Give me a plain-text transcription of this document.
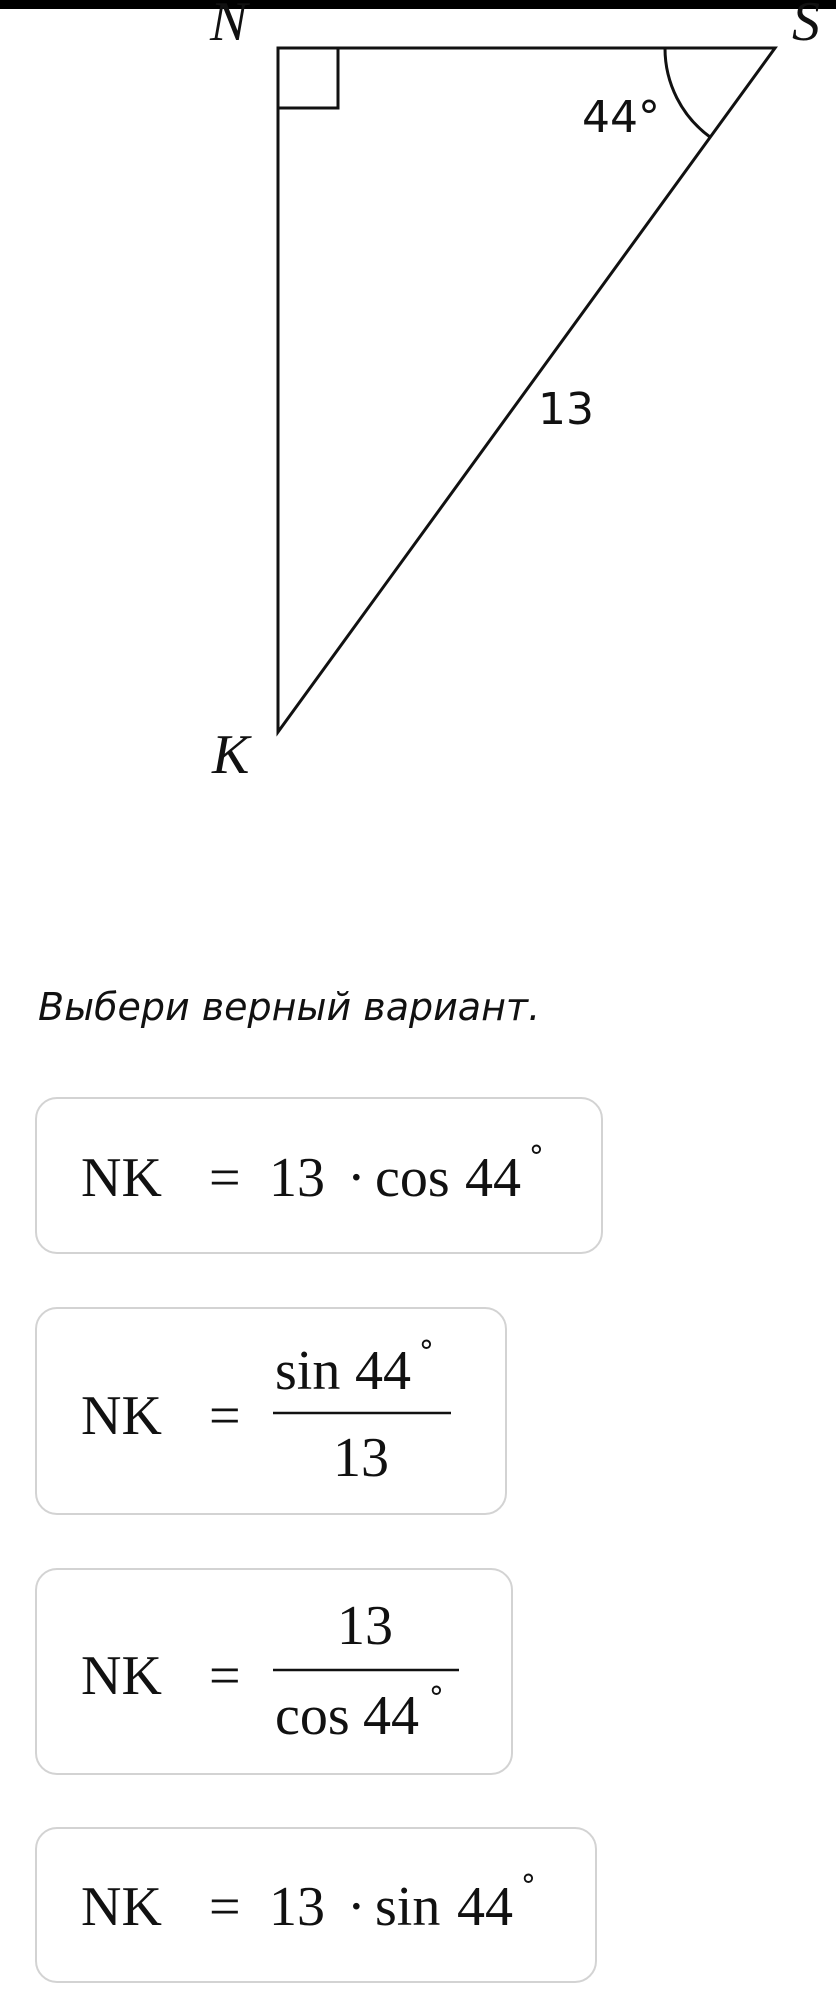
N	S
K
44°
13

Выбери верный вариант.

NK = 13 · cos 44 ∘
NK =
sin 44 ∘
13
NK =
13
cos 44 ∘
NK = 13 · sin 44 ∘
